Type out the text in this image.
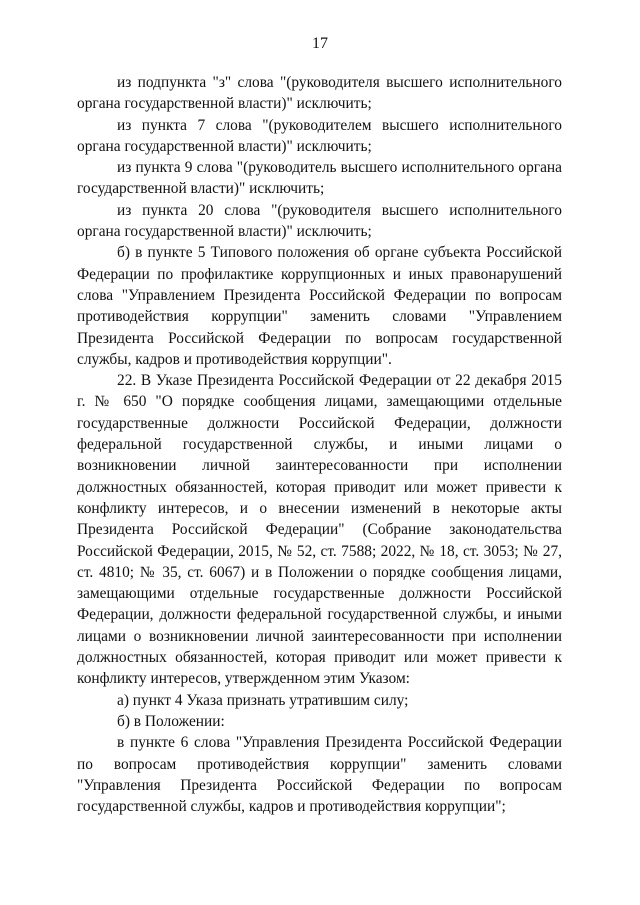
17

из подпункта "з" слова "(руководителя высшего исполнительного органа государственной власти)" исключить;

из пункта 7 слова "(руководителем высшего исполнительного органа государственной власти)" исключить;

из пункта 9 слова "(руководитель высшего исполнительного органа государственной власти)" исключить;

из пункта 20 слова "(руководителя высшего исполнительного органа государственной власти)" исключить;

б) в пункте 5 Типового положения об органе субъекта Российской Федерации по профилактике коррупционных и иных правонарушений слова "Управлением Президента Российской Федерации по вопросам противодействия коррупции" заменить словами "Управлением Президента Российской Федерации по вопросам государственной службы, кадров и противодействия коррупции".

22. В Указе Президента Российской Федерации от 22 декабря 2015 г. № 650 "О порядке сообщения лицами, замещающими отдельные государственные должности Российской Федерации, должности федеральной государственной службы, и иными лицами о возникновении личной заинтересованности при исполнении должностных обязанностей, которая приводит или может привести к конфликту интересов, и о внесении изменений в некоторые акты Президента Российской Федерации" (Собрание законодательства Российской Федерации, 2015, № 52, ст. 7588; 2022, № 18, ст. 3053; № 27, ст. 4810; № 35, ст. 6067) и в Положении о порядке сообщения лицами, замещающими отдельные государственные должности Российской Федерации, должности федеральной государственной службы, и иными лицами о возникновении личной заинтересованности при исполнении должностных обязанностей, которая приводит или может привести к конфликту интересов, утвержденном этим Указом:

а) пункт 4 Указа признать утратившим силу;

б) в Положении:

в пункте 6 слова "Управления Президента Российской Федерации по вопросам противодействия коррупции" заменить словами "Управления Президента Российской Федерации по вопросам государственной службы, кадров и противодействия коррупции";
